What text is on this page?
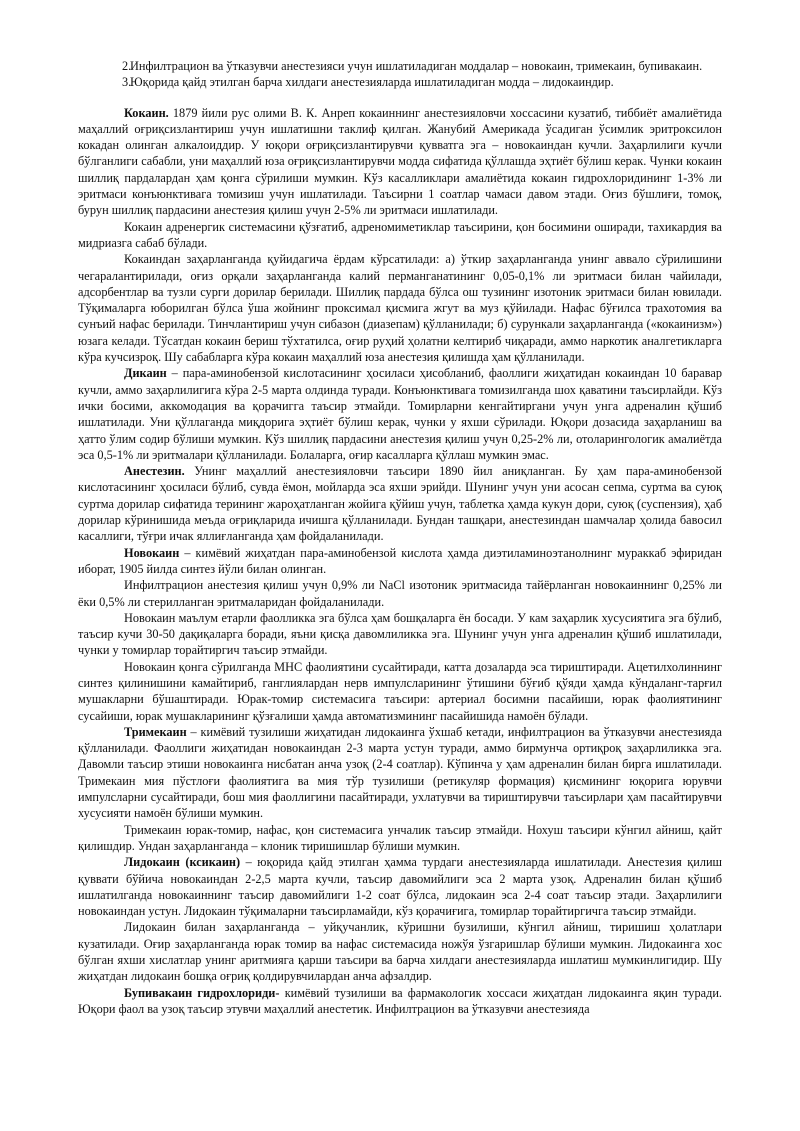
2.
Инфилтрацион ва ўтказувчи анестезияси учун ишлатиладиган моддалар – новокаин, тримекаин, бупивакаин.
3.
Юқорида қайд этилган барча хилдаги анестезияларда ишлатиладиган модда – лидокаиндир.

Кокаин. 1879 йили рус олими В. К. Анреп кокаиннинг анестезияловчи хоссасини кузатиб, тиббиёт амалиётида маҳаллий оғриқсизлантириш учун ишлатишни таклиф қилган. Жанубий Америкада ўсадиган ўсимлик эритроксилон кокадан олинган алкалоиддир. У юқори оғриқсизлантирувчи қувватга эга – новокаиндан кучли. Заҳарлилиги кучли бўлганлиги сабабли, уни маҳаллий юза оғриқсизлантирувчи модда сифатида қўллашда эҳтиёт бўлиш керак. Чунки кокаин шиллиқ пардалардан ҳам қонга сўрилиши мумкин. Кўз касалликлари амалиётида кокаин гидрохлоридининг 1-3% ли эритмаси конъюнктивага томизиш учун ишлатилади. Таъсирни 1 соатлар чамаси давом этади. Оғиз бўшлиғи, томоқ, бурун шиллиқ пардасини анестезия қилиш учун 2-5% ли эритмаси ишлатилади.

Кокаин адренергик системасини қўзғатиб, адреномиметиклар таъсирини, қон босимини оширади, тахикардия ва мидриазга сабаб бўлади.

Кокаиндан заҳарланганда қуйидагича ёрдам кўрсатилади: а) ўткир заҳарланганда унинг аввало сўрилишини чегаралантирилади, оғиз орқали заҳарланганда калий перманганатининг 0,05-0,1% ли эритмаси билан чайилади, адсорбентлар ва тузли сурги дорилар берилади. Шиллиқ пардада бўлса ош тузининг изотоник эритмаси билан ювилади. Тўқималарга юборилган бўлса ўша жойнинг проксимал қисмига жгут ва муз қўйилади. Нафас бўғилса трахотомия ва сунъий нафас берилади. Тинчлантириш учун сибазон (диазепам) қўлланилади; б) сурункали заҳарланганда («кокаинизм») юзага келади. Тўсатдан кокаин бериш тўхтатилса, оғир руҳий ҳолатни келтириб чиқаради, аммо наркотик аналгетикларга кўра кучсизроқ. Шу сабабларга кўра кокаин маҳаллий юза анестезия қилишда ҳам қўлланилади.

Дикаин – пара-аминобензой кислотасининг ҳосиласи ҳисобланиб, фаоллиги жиҳатидан кокаиндан 10 баравар кучли, аммо заҳарлилигига кўра 2-5 марта олдинда туради. Конъюнктивага томизилганда шох қаватини таъсирлайди. Кўз ички босими, аккомодация ва қорачигга таъсир этмайди. Томирларни кенгайтиргани учун унга адреналин қўшиб ишлатилади. Уни қўллаганда миқдорига эҳтиёт бўлиш керак, чунки у яхши сўрилади. Юқори дозасида заҳарланиш ва ҳатто ўлим содир бўлиши мумкин. Кўз шиллиқ пардасини анестезия қилиш учун 0,25-2% ли, отоларингологик амалиётда эса 0,5-1% ли эритмалари қўлланилади. Болаларга, оғир касалларга қўллаш мумкин эмас.

Анестезин. Унинг маҳаллий анестезияловчи таъсири 1890 йил аниқланган. Бу ҳам пара-аминобензой кислотасининг ҳосиласи бўлиб, сувда ёмон, мойларда эса яхши эрийди. Шунинг учун уни асосан сепма, суртма ва суюқ суртма дорилар сифатида терининг жароҳатланган жойига қўйиш учун, таблетка ҳамда кукун дори, суюқ (суспензия), ҳаб дорилар кўринишида меъда оғриқларида ичишга қўлланилади. Бундан ташқари, анестезиндан шамчалар ҳолида бавосил касаллиги, тўғри ичак яллиғланганда ҳам фойдаланилади.

Новокаин – кимёвий жиҳатдан пара-аминобензой кислота ҳамда диэтиламиноэтанолнинг мураккаб эфиридан иборат, 1905 йилда синтез йўли билан олинган.

Инфилтрацион анестезия қилиш учун 0,9% ли NaCl изотоник эритмасида тайёрланган новокаиннинг 0,25% ли ёки 0,5% ли стерилланган эритмаларидан фойдаланилади.

Новокаин маълум етарли фаолликка эга бўлса ҳам бошқаларга ён босади. У кам заҳарлик хусусиятига эга бўлиб, таъсир кучи 30-50 дақиқаларга боради, яъни қисқа давомлиликка эга. Шунинг учун унга адреналин қўшиб ишлатилади, чунки у томирлар торайтиргич таъсир этмайди.

Новокаин қонга сўрилганда МНС фаолиятини сусайтиради, катта дозаларда эса тириштиради. Ацетилхолиннинг синтез қилинишини камайтириб, ганглиялардан нерв импулсларининг ўтишини бўғиб қўяди ҳамда кўндаланг-тарғил мушакларни бўшаштиради. Юрак-томир системасига таъсири: артериал босимни пасайиши, юрак фаолиятининг сусайиши, юрак мушакларининг қўзғалиши ҳамда автоматизмининг пасайишида намоён бўлади.

Тримекаин – кимёвий тузилиши жиҳатидан лидокаинга ўхшаб кетади, инфилтрацион ва ўтказувчи анестезияда қўлланилади. Фаоллиги жиҳатидан новокаиндан 2-3 марта устун туради, аммо бирмунча ортиқроқ заҳарлиликка эга. Давомли таъсир этиши новокаинга нисбатан анча узоқ (2-4 соатлар). Кўпинча у ҳам адреналин билан бирга ишлатилади. Тримекаин мия пўстлоғи фаолиятига ва мия тўр тузилиши (ретикуляр формация) қисмининг юқорига юрувчи импулсларни сусайтиради, бош мия фаоллигини пасайтиради, ухлатувчи ва тириштирувчи таъсирлари ҳам пасайтирувчи хусусияти намоён бўлиши мумкин.

Тримекаин юрак-томир, нафас, қон системасига унчалик таъсир этмайди. Нохуш таъсири кўнгил айниш, қайт қилишдир. Ундан заҳарланганда – клоник тиришишлар бўлиши мумкин.

Лидокаин (ксикаин) – юқорида қайд этилган ҳамма турдаги анестезияларда ишлатилади. Анестезия қилиш қуввати бўйича новокаиндан 2-2,5 марта кучли, таъсир давомийлиги эса 2 марта узоқ. Адреналин билан қўшиб ишлатилганда новокаиннинг таъсир давомийлиги 1-2 соат бўлса, лидокаин эса 2-4 соат таъсир этади. Заҳарлилиги новокаиндан устун. Лидокаин тўқималарни таъсирламайди, кўз қорачиғига, томирлар торайтиргичга таъсир этмайди.

Лидокаин билан заҳарланганда – уйқучанлик, кўришни бузилиши, кўнгил айниш, тиришиш ҳолатлари кузатилади. Оғир заҳарланганда юрак томир ва нафас системасида ножўя ўзгаришлар бўлиши мумкин. Лидокаинга хос бўлган яхши хислатлар унинг аритмияга қарши таъсири ва барча хилдаги анестезияларда ишлатиш мумкинлигидир. Шу жиҳатдан лидокаин бошқа оғриқ қолдирувчилардан анча афзалдир.

Бупивакаин гидрохлориди- кимёвий тузилиши ва фармакологик хоссаси жиҳатдан лидокаинга яқин туради. Юқори фаол ва узоқ таъсир этувчи маҳаллий анестетик. Инфилтрацион ва ўтказувчи анестезияда
